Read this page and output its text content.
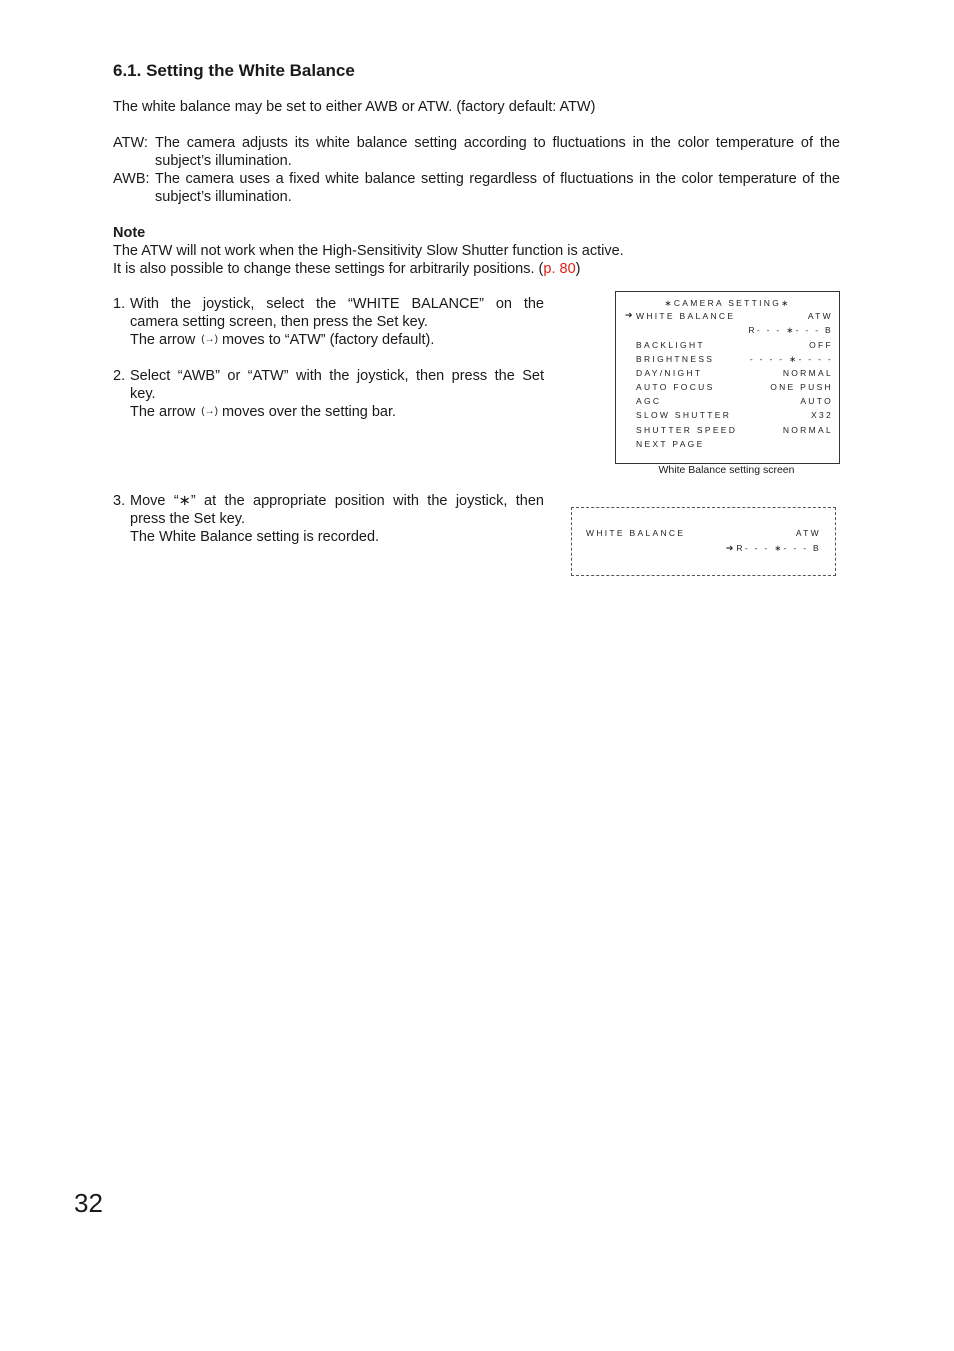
6.1. Setting the White Balance
The white balance may be set to either AWB or ATW. (factory default: ATW)
ATW: The camera adjusts its white balance setting according to fluctuations in the color temperature of the subject’s illumination.
AWB: The camera uses a fixed white balance setting regardless of fluctuations in the color temperature of the subject’s illumination.
Note
The ATW will not work when the High-Sensitivity Slow Shutter function is active.
It is also possible to change these settings for arbitrarily positions. (p. 80)
1. With the joystick, select the “WHITE BALANCE” on the
camera setting screen, then press the Set key.
The arrow (→) moves to “ATW” (factory default).
2. Select “AWB” or “ATW” with the joystick, then press the Set
key.
The arrow (→) moves over the setting bar.
3. Move “∗” at the appropriate position with the joystick, then
press the Set key.
The White Balance setting is recorded.
∗CAMERA SETTING∗
➔ WHITE BALANCE	ATW
R- - - ∗- - - B
BACKLIGHT	OFF
BRIGHTNESS	- - - - ∗- - - -
DAY/NIGHT	NORMAL
AUTO FOCUS	ONE PUSH
AGC	AUTO
SLOW SHUTTER	X32
SHUTTER SPEED	NORMAL
NEXT PAGE
White Balance setting screen
WHITE BALANCE	ATW
➔ R- - - ∗- - - B
32
